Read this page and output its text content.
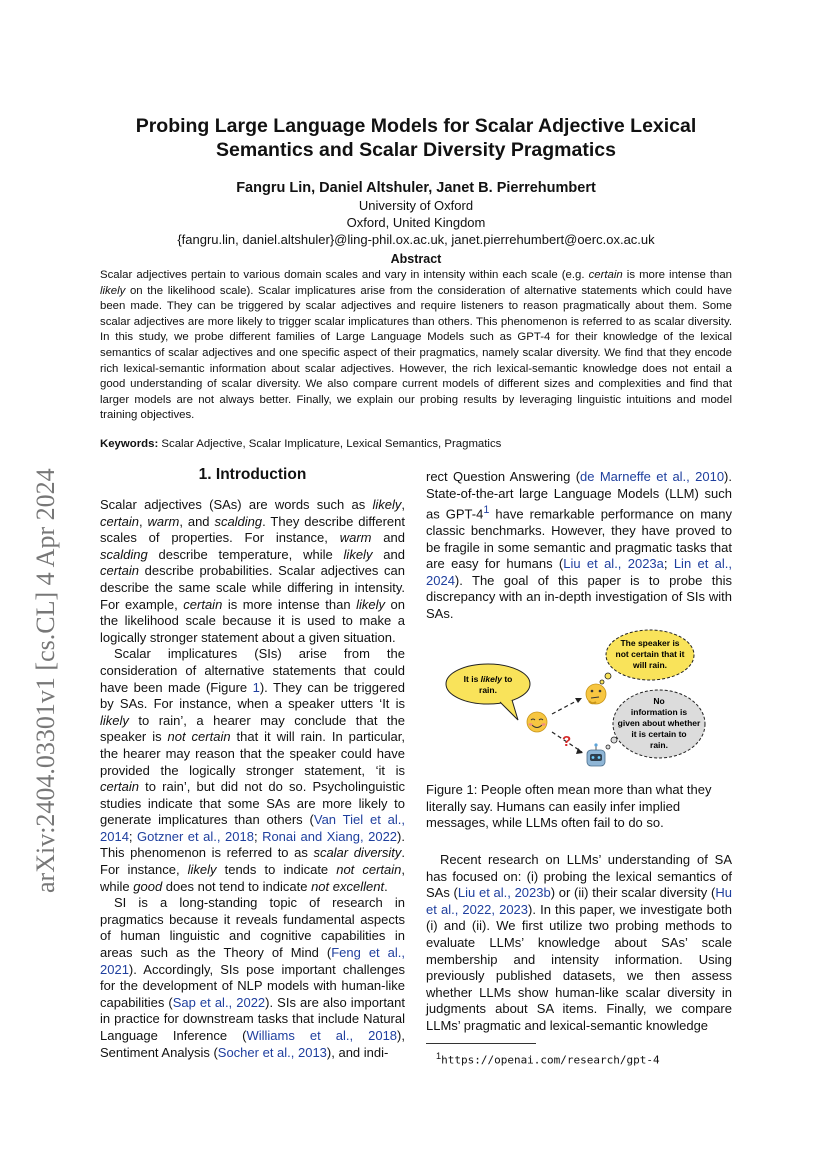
arXiv:2404.03301v1 [cs.CL] 4 Apr 2024
Probing Large Language Models for Scalar Adjective Lexical
Semantics and Scalar Diversity Pragmatics
Fangru Lin, Daniel Altshuler, Janet B. Pierrehumbert
University of Oxford
Oxford, United Kingdom
{fangru.lin, daniel.altshuler}@ling-phil.ox.ac.uk, janet.pierrehumbert@oerc.ox.ac.uk
Abstract
Scalar adjectives pertain to various domain scales and vary in intensity within each scale (e.g. certain is more intense than likely on the likelihood scale). Scalar implicatures arise from the consideration of alternative statements which could have been made. They can be triggered by scalar adjectives and require listeners to reason pragmatically about them. Some scalar adjectives are more likely to trigger scalar implicatures than others. This phenomenon is referred to as scalar diversity. In this study, we probe different families of Large Language Models such as GPT-4 for their knowledge of the lexical semantics of scalar adjectives and one specific aspect of their pragmatics, namely scalar diversity. We find that they encode rich lexical-semantic information about scalar adjectives. However, the rich lexical-semantic knowledge does not entail a good understanding of scalar diversity. We also compare current models of different sizes and complexities and find that larger models are not always better. Finally, we explain our probing results by leveraging linguistic intuitions and model training objectives.
Keywords: Scalar Adjective, Scalar Implicature, Lexical Semantics, Pragmatics
1. Introduction

Scalar adjectives (SAs) are words such as likely, certain, warm, and scalding. They describe different scales of properties. For instance, warm and scalding describe temperature, while likely and certain describe probabilities. Scalar adjectives can describe the same scale while differing in intensity. For example, certain is more intense than likely on the likelihood scale because it is used to make a logically stronger statement about a given situation.

Scalar implicatures (SIs) arise from the consideration of alternative statements that could have been made (Figure 1). They can be triggered by SAs. For instance, when a speaker utters ‘It is likely to rain’, a hearer may conclude that the speaker is not certain that it will rain. In particular, the hearer may reason that the speaker could have provided the logically stronger statement, ‘it is certain to rain’, but did not do so. Psycholinguistic studies indicate that some SAs are more likely to generate implicatures than others (Van Tiel et al., 2014; Gotzner et al., 2018; Ronai and Xiang, 2022). This phenomenon is referred to as scalar diversity. For instance, likely tends to indicate not certain, while good does not tend to indicate not excellent.

SI is a long-standing topic of research in pragmatics because it reveals fundamental aspects of human linguistic and cognitive capabilities in areas such as the Theory of Mind (Feng et al., 2021). Accordingly, SIs pose important challenges for the development of NLP models with human-like capabilities (Sap et al., 2022). SIs are also important in practice for downstream tasks that include Natural Language Inference (Williams et al., 2018), Sentiment Analysis (Socher et al., 2013), and indi-

rect Question Answering (de Marneffe et al., 2010). State-of-the-art large Language Models (LLM) such as GPT-4$^1$ have remarkable performance on many classic benchmarks. However, they have proved to be fragile in some semantic and pragmatic tasks that are easy for humans (Liu et al., 2023a; Lin et al., 2024). The goal of this paper is to probe this discrepancy with an in-depth investigation of SIs with SAs.

It is likely to
rain.
The speaker is
not certain that it
will rain.
No
information is
given about whether
it is certain to
rain.
?
Figure 1: People often mean more than what they literally say. Humans can easily infer implied messages, while LLMs often fail to do so.

Recent research on LLMs’ understanding of SA has focused on: (i) probing the lexical semantics of SAs (Liu et al., 2023b) or (ii) their scalar diversity (Hu et al., 2022, 2023). In this paper, we investigate both (i) and (ii). We first utilize two probing methods to evaluate LLMs’ knowledge about SAs’ scale membership and intensity information. Using previously published datasets, we then assess whether LLMs show human-like scalar diversity in judgments about SA items. Finally, we compare LLMs’ pragmatic and lexical-semantic knowledge

$^1$https://openai.com/research/gpt-4
